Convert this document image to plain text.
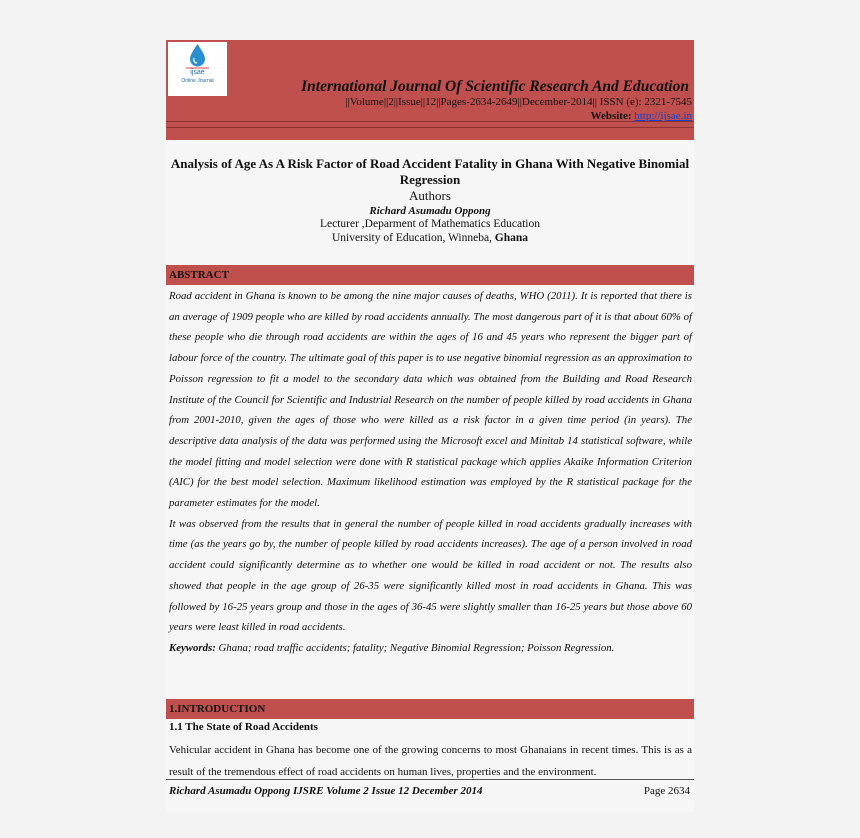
ijsae
Online Journal	International Journal Of Scientific Research And Education
||Volume||2||Issue||12||Pages-2634-2649||December-2014|| ISSN (e): 2321-7545
Website: http://ijsae.in
Analysis of Age As A Risk Factor of Road Accident Fatality in Ghana With Negative Binomial Regression
Authors
Richard Asumadu Oppong
Lecturer ,Deparment of Mathematics Education
University of Education, Winneba, Ghana
ABSTRACT

Road accident in Ghana is known to be among the nine major causes of deaths, WHO (2011). It is reported that there is an average of 1909 people who are killed by road accidents annually. The most dangerous part of it is that about 60% of these people who die through road accidents are within the ages of 16 and 45 years who represent the bigger part of labour force of the country. The ultimate goal of this paper is to use negative binomial regression as an approximation to Poisson regression to fit a model to the secondary data which was obtained from the Building and Road Research Institute of the Council for Scientific and Industrial Research on the number of people killed by road accidents in Ghana from 2001-2010, given the ages of those who were killed as a risk factor in a given time period (in years). The descriptive data analysis of the data was performed using the Microsoft excel and Minitab 14 statistical software, while the model fitting and model selection were done with R statistical package which applies Akaike Information Criterion (AIC) for the best model selection. Maximum likelihood estimation was employed by the R statistical package for the parameter estimates for the model.

It was observed from the results that in general the number of people killed in road accidents gradually increases with time (as the years go by, the number of people killed by road accidents increases). The age of a person involved in road accident could significantly determine as to whether one would be killed in road accident or not. The results also showed that people in the age group of 26-35 were significantly killed most in road accidents in Ghana. This was followed by 16-25 years group and those in the ages of 36-45 were slightly smaller than 16-25 years but those above 60 years were least killed in road accidents.

Keywords: Ghana; road traffic accidents; fatality; Negative Binomial Regression; Poisson Regression.

1.INTRODUCTION
1.1 The State of Road Accidents

Vehicular accident in Ghana has become one of the growing concerns to most Ghanaians in recent times. This is as a result of the tremendous effect of road accidents on human lives, properties and the environment.

Richard Asumadu Oppong IJSRE Volume 2 Issue 12 December 2014	Page 2634
